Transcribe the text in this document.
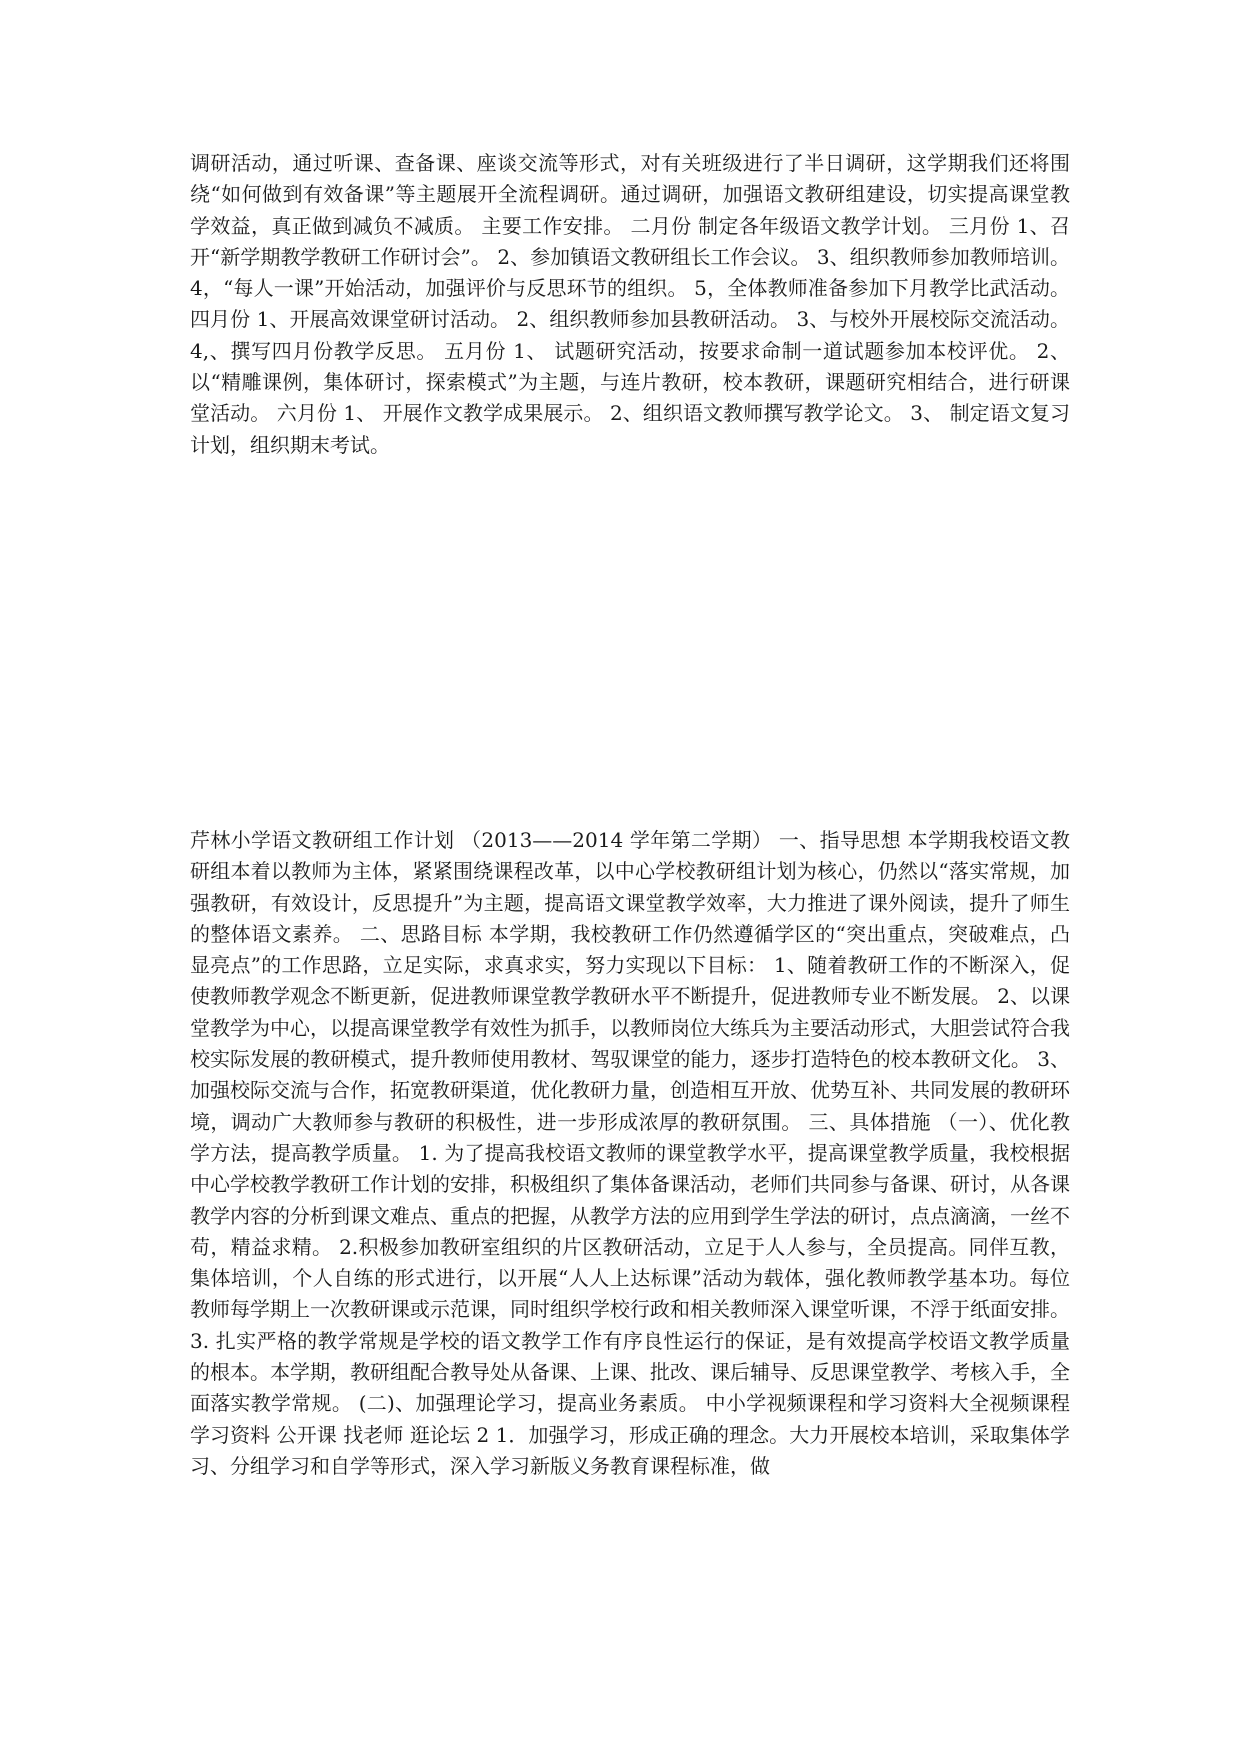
调研活动，通过听课、查备课、座谈交流等形式，对有关班级进行了半日调研，这学期我们还将围绕“如何做到有效备课”等主题展开全流程调研。通过调研，加强语文教研组建设，切实提高课堂教学效益，真正做到减负不减质。 主要工作安排。 二月份 制定各年级语文教学计划。 三月份 1、召开“新学期教学教研工作研讨会”。 2、参加镇语文教研组长工作会议。 3、组织教师参加教师培训。 4，“每人一课”开始活动，加强评价与反思环节的组织。 5，全体教师准备参加下月教学比武活动。 四月份 1、开展高效课堂研讨活动。 2、组织教师参加县教研活动。 3、与校外开展校际交流活动。 4,、撰写四月份教学反思。 五月份 1、 试题研究活动，按要求命制一道试题参加本校评优。 2、以“精雕课例，集体研讨，探索模式”为主题，与连片教研，校本教研，课题研究相结合，进行研课堂活动。 六月份 1、 开展作文教学成果展示。 2、组织语文教师撰写教学论文。 3、 制定语文复习计划，组织期末考试。

芹林小学语文教研组工作计划 （2013——2014 学年第二学期） 一、指导思想 本学期我校语文教研组本着以教师为主体，紧紧围绕课程改革，以中心学校教研组计划为核心，仍然以“落实常规，加强教研，有效设计，反思提升”为主题，提高语文课堂教学效率，大力推进了课外阅读，提升了师生的整体语文素养。 二、思路目标 本学期，我校教研工作仍然遵循学区的“突出重点，突破难点，凸显亮点”的工作思路，立足实际，求真求实，努力实现以下目标： 1、随着教研工作的不断深入，促使教师教学观念不断更新，促进教师课堂教学教研水平不断提升，促进教师专业不断发展。 2、以课堂教学为中心，以提高课堂教学有效性为抓手，以教师岗位大练兵为主要活动形式，大胆尝试符合我校实际发展的教研模式，提升教师使用教材、驾驭课堂的能力，逐步打造特色的校本教研文化。 3、加强校际交流与合作，拓宽教研渠道，优化教研力量，创造相互开放、优势互补、共同发展的教研环境，调动广大教师参与教研的积极性，进一步形成浓厚的教研氛围。 三、具体措施 （一）、优化教学方法，提高教学质量。 1. 为了提高我校语文教师的课堂教学水平，提高课堂教学质量，我校根据中心学校教学教研工作计划的安排，积极组织了集体备课活动，老师们共同参与备课、研讨，从各课教学内容的分析到课文难点、重点的把握，从教学方法的应用到学生学法的研讨，点点滴滴，一丝不苟，精益求精。 2.积极参加教研室组织的片区教研活动，立足于人人参与，全员提高。同伴互教，集体培训，个人自练的形式进行，以开展“人人上达标课”活动为载体，强化教师教学基本功。每位教师每学期上一次教研课或示范课，同时组织学校行政和相关教师深入课堂听课，不浮于纸面安排。 3. 扎实严格的教学常规是学校的语文教学工作有序良性运行的保证，是有效提高学校语文教学质量的根本。本学期，教研组配合教导处从备课、上课、批改、课后辅导、反思课堂教学、考核入手，全面落实教学常规。 (二)、加强理论学习，提高业务素质。 中小学视频课程和学习资料大全视频课程 学习资料 公开课 找老师 逛论坛 2 1．加强学习，形成正确的理念。大力开展校本培训，采取集体学习、分组学习和自学等形式，深入学习新版义务教育课程标准，做
